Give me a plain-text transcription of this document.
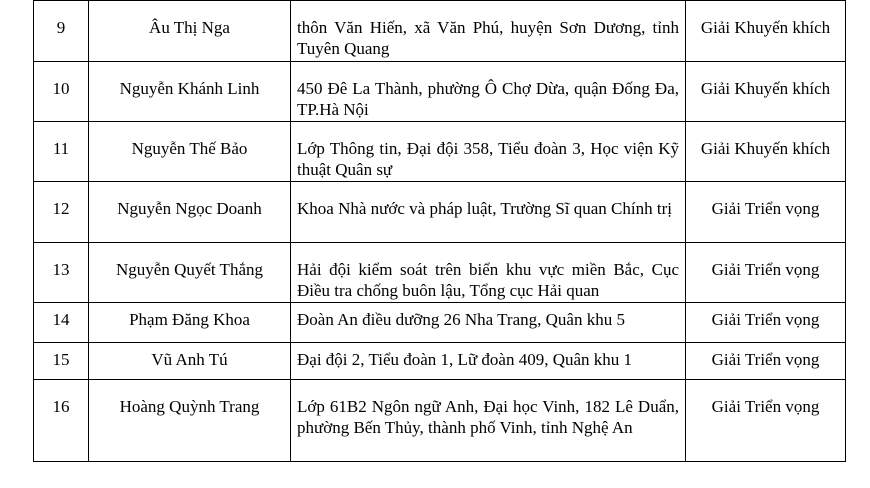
9	Âu Thị Nga	thôn Văn Hiến, xã Văn Phú, huyện Sơn Dương, tỉnh Tuyên Quang	Giải Khuyến khích

10	Nguyễn Khánh Linh	450 Đê La Thành, phường Ô Chợ Dừa, quận Đống Đa, TP.Hà Nội	Giải Khuyến khích

11	Nguyễn Thế Bảo	Lớp Thông tin, Đại đội 358, Tiểu đoàn 3, Học viện Kỹ thuật Quân sự	Giải Khuyến khích

12	Nguyễn Ngọc Doanh	Khoa Nhà nước và pháp luật, Trường Sĩ quan Chính trị	Giải Triển vọng

13	Nguyễn Quyết Thắng	Hải đội kiểm soát trên biển khu vực miền Bắc, Cục Điều tra chống buôn lậu, Tổng cục Hải quan	Giải Triển vọng

14	Phạm Đăng Khoa	Đoàn An điều dưỡng 26 Nha Trang, Quân khu 5	Giải Triển vọng

15	Vũ Anh Tú	Đại đội 2, Tiểu đoàn 1, Lữ đoàn 409, Quân khu 1	Giải Triển vọng

16	Hoàng Quỳnh Trang	Lớp 61B2 Ngôn ngữ Anh, Đại học Vinh, 182 Lê Duẩn, phường Bến Thủy, thành phố Vinh, tỉnh Nghệ An	Giải Triển vọng
